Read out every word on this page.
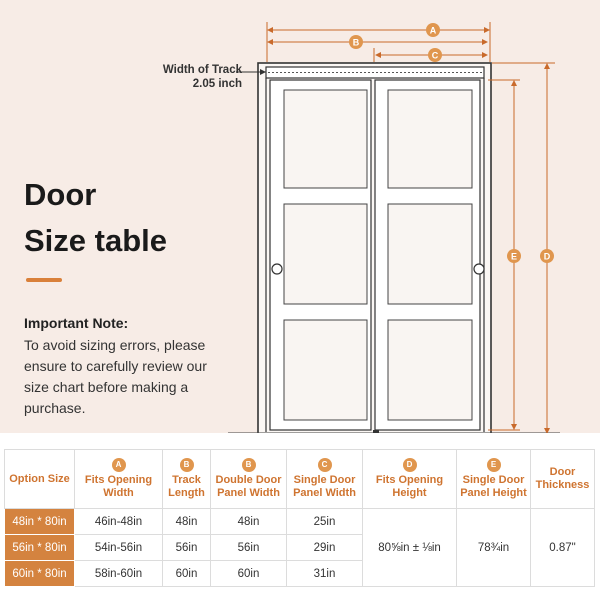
A
B
C
E	D
Width of Track
2.05 inch
Door
Size table
Important Note:
To avoid sizing errors, please ensure to carefully review our size chart before making a purchase.
Option Size	A
Fits Opening Width	B
Track Length	B
Double Door Panel Width	C
Single Door Panel Width	D
Fits Opening Height	E
Single Door Panel Height	Door Thickness
48in * 80in	46in-48in	48in	48in	25in	80⅝in ± ⅛in	78¾in	0.87"
56in * 80in	54in-56in	56in	56in	29in			
60in * 80in	58in-60in	60in	60in	31in			
